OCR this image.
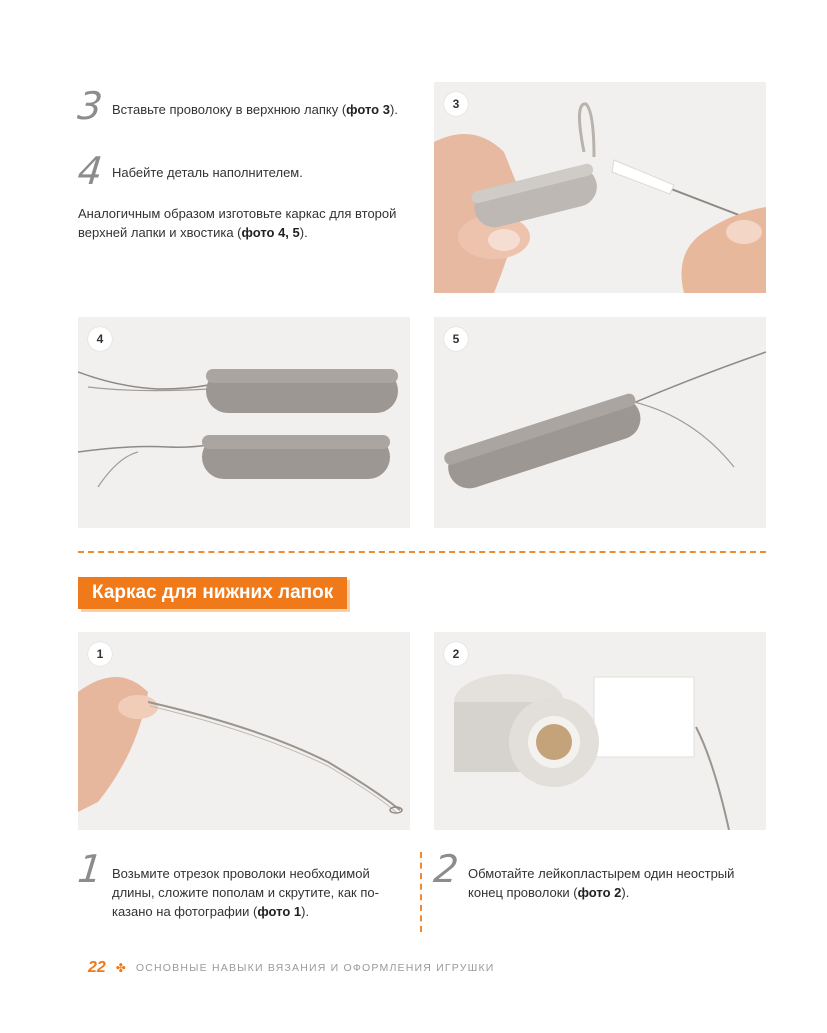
3 Вставьте проволоку в верхнюю лапку (фото 3).
4 Набейте деталь наполнителем.
Аналогичным образом изготовьте каркас для второй верхней лапки и хвостика (фото 4, 5).
3
4	5
Каркас для нижних лапок
1	2
1 Возьмите отрезок проволоки необходимой длины, сложите пополам и скрутите, как по-казано на фотографии (фото 1).
2 Обмотайте лейкопластырем один неострый конец проволоки (фото 2).
22 ✤ ОСНОВНЫЕ НАВЫКИ ВЯЗАНИЯ И ОФОРМЛЕНИЯ ИГРУШКИ
